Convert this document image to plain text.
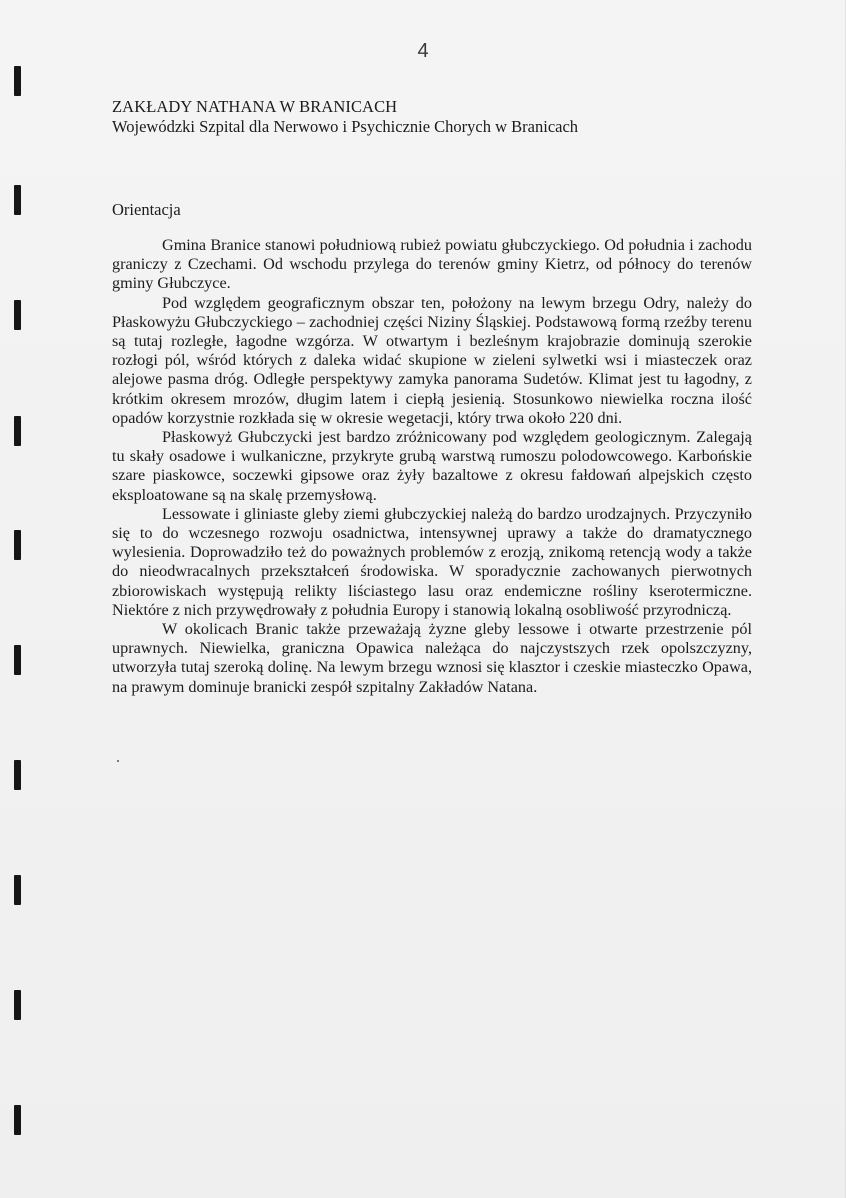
4
ZAKŁADY NATHANA W BRANICACH
Wojewódzki Szpital dla Nerwowo i Psychicznie Chorych w Branicach
Orientacja

Gmina Branice stanowi południową rubież powiatu głubczyckiego. Od południa i zachodu graniczy z Czechami. Od wschodu przylega do terenów gminy Kietrz, od północy do terenów gminy Głubczyce.

Pod względem geograficznym obszar ten, położony na lewym brzegu Odry, należy do Płaskowyżu Głubczyckiego – zachodniej części Niziny Śląskiej. Podstawową formą rzeźby terenu są tutaj rozległe, łagodne wzgórza. W otwartym i bezleśnym krajobrazie dominują szerokie rozłogi pól, wśród których z daleka widać skupione w zieleni sylwetki wsi i miasteczek oraz alejowe pasma dróg. Odległe perspektywy zamyka panorama Sudetów. Klimat jest tu łagodny, z krótkim okresem mrozów, długim latem i ciepłą jesienią. Stosunkowo niewielka roczna ilość opadów korzystnie rozkłada się w okresie wegetacji, który trwa około 220 dni.

Płaskowyż Głubczycki jest bardzo zróżnicowany pod względem geologicznym. Zalegają tu skały osadowe i wulkaniczne, przykryte grubą warstwą rumoszu polodowcowego. Karbońskie szare piaskowce, soczewki gipsowe oraz żyły bazaltowe z okresu fałdowań alpejskich często eksploatowane są na skalę przemysłową.

Lessowate i gliniaste gleby ziemi głubczyckiej należą do bardzo urodzajnych. Przyczyniło się to do wczesnego rozwoju osadnictwa, intensywnej uprawy a także do dramatycznego wylesienia. Doprowadziło też do poważnych problemów z erozją, znikomą retencją wody a także do nieodwracalnych przekształceń środowiska. W sporadycznie zachowanych pierwotnych zbiorowiskach występują relikty liściastego lasu oraz endemiczne rośliny kserotermiczne. Niektóre z nich przywędrowały z południa Europy i stanowią lokalną osobliwość przyrodniczą.

W okolicach Branic także przeważają żyzne gleby lessowe i otwarte przestrzenie pól uprawnych. Niewielka, graniczna Opawica należąca do najczystszych rzek opolszczyzny, utworzyła tutaj szeroką dolinę. Na lewym brzegu wznosi się klasztor i czeskie miasteczko Opawa, na prawym dominuje branicki zespół szpitalny Zakładów Natana.
